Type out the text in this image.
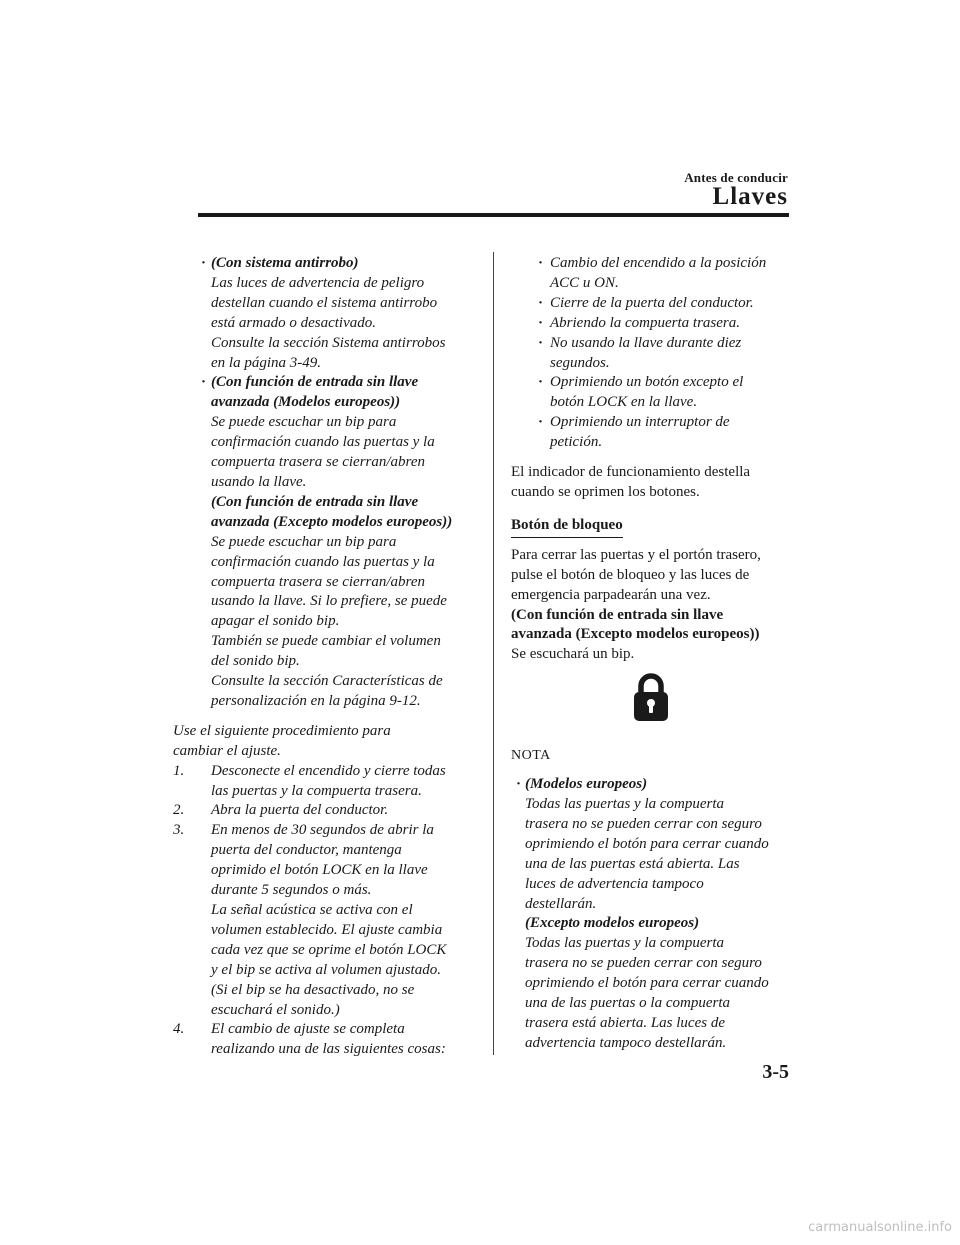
Antes de conducir
Llaves
· (Con sistema antirrobo)
Las luces de advertencia de peligro
destellan cuando el sistema antirrobo
está armado o desactivado.
Consulte la sección Sistema antirrobos
en la página 3-49.
· (Con función de entrada sin llave
avanzada (Modelos europeos))
Se puede escuchar un bip para
confirmación cuando las puertas y la
compuerta trasera se cierran/abren
usando la llave.
(Con función de entrada sin llave
avanzada (Excepto modelos europeos))
Se puede escuchar un bip para
confirmación cuando las puertas y la
compuerta trasera se cierran/abren
usando la llave. Si lo prefiere, se puede
apagar el sonido bip.
También se puede cambiar el volumen
del sonido bip.
Consulte la sección Características de
personalización en la página 9-12.
Use el siguiente procedimiento para
cambiar el ajuste.
1. Desconecte el encendido y cierre todas
las puertas y la compuerta trasera.
2. Abra la puerta del conductor.
3. En menos de 30 segundos de abrir la
puerta del conductor, mantenga
oprimido el botón LOCK en la llave
durante 5 segundos o más.
La señal acústica se activa con el
volumen establecido. El ajuste cambia
cada vez que se oprime el botón LOCK
y el bip se activa al volumen ajustado.
(Si el bip se ha desactivado, no se
escuchará el sonido.)
4. El cambio de ajuste se completa
realizando una de las siguientes cosas:
· Cambio del encendido a la posición
ACC u ON.
· Cierre de la puerta del conductor.
· Abriendo la compuerta trasera.
· No usando la llave durante diez
segundos.
· Oprimiendo un botón excepto el
botón LOCK en la llave.
· Oprimiendo un interruptor de
petición.
El indicador de funcionamiento destella
cuando se oprimen los botones.
Botón de bloqueo
Para cerrar las puertas y el portón trasero,
pulse el botón de bloqueo y las luces de
emergencia parpadearán una vez.
(Con función de entrada sin llave
avanzada (Excepto modelos europeos))
Se escuchará un bip.
NOTA
· (Modelos europeos)
Todas las puertas y la compuerta
trasera no se pueden cerrar con seguro
oprimiendo el botón para cerrar cuando
una de las puertas está abierta. Las
luces de advertencia tampoco
destellarán.
(Excepto modelos europeos)
Todas las puertas y la compuerta
trasera no se pueden cerrar con seguro
oprimiendo el botón para cerrar cuando
una de las puertas o la compuerta
trasera está abierta. Las luces de
advertencia tampoco destellarán.
3-5
carmanualsonline.info
